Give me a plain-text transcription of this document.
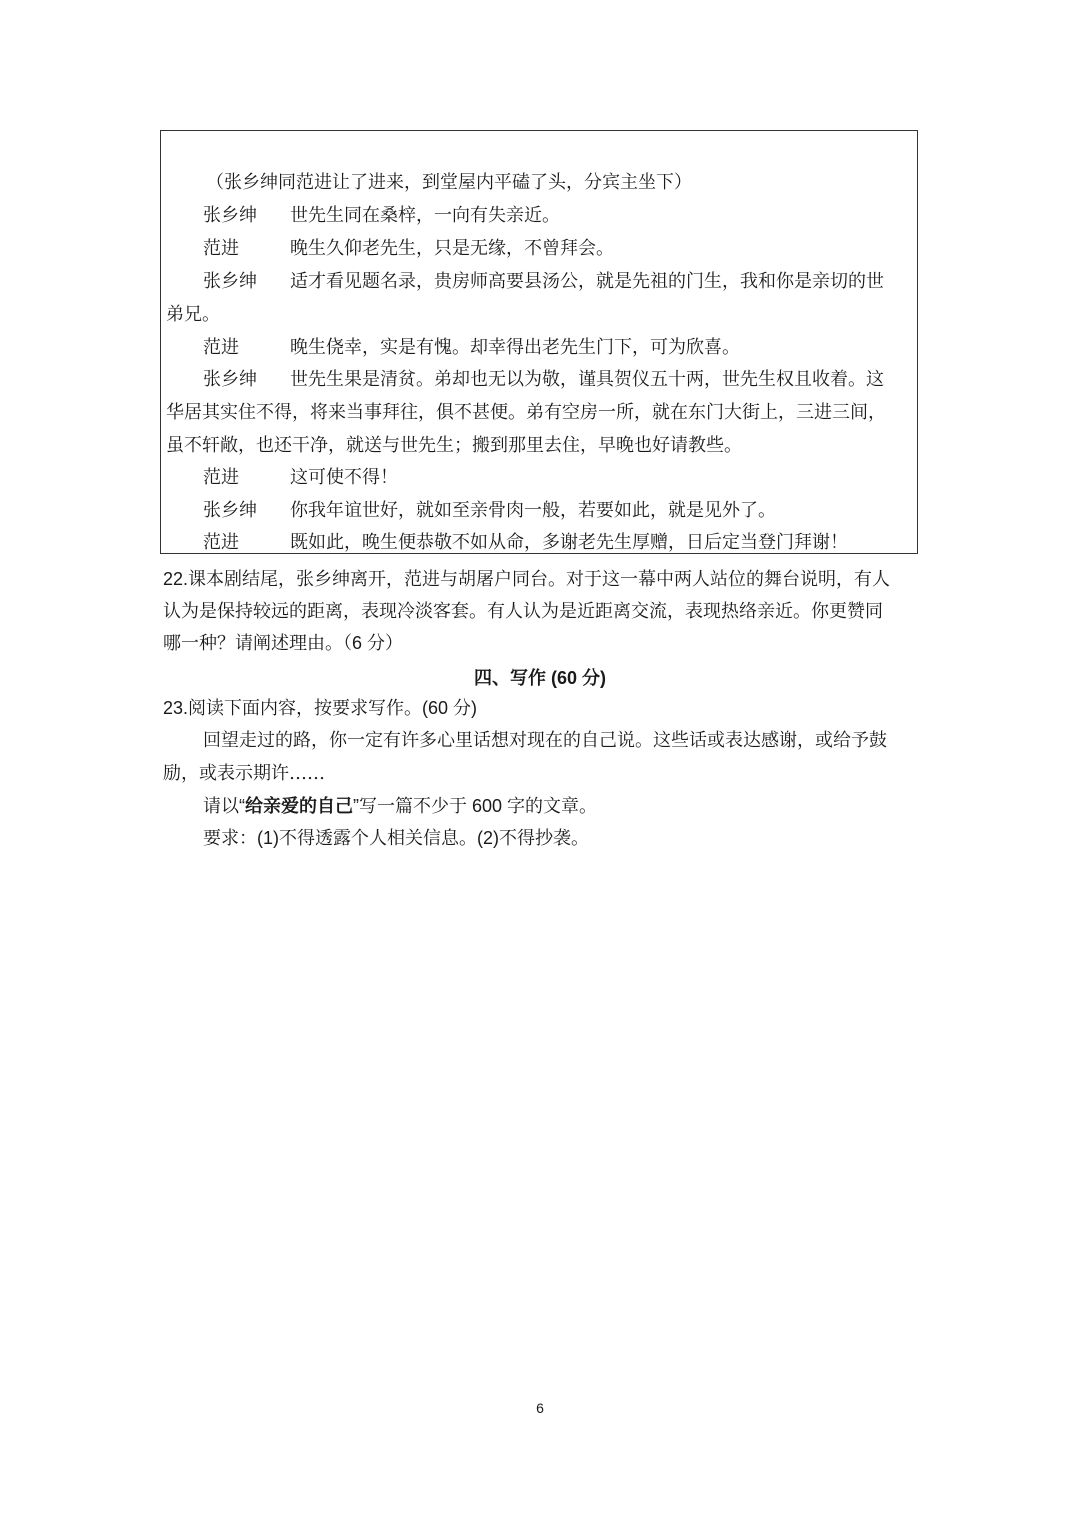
（张乡绅同范进让了进来，到堂屋内平磕了头，分宾主坐下）
张乡绅 世先生同在桑梓，一向有失亲近。
范进	晚生久仰老先生，只是无缘，不曾拜会。
张乡绅 适才看见题名录，贵房师高要县汤公，就是先祖的门生，我和你是亲切的世
弟兄。
范进	晚生侥幸，实是有愧。却幸得出老先生门下，可为欣喜。
张乡绅 世先生果是清贫。弟却也无以为敬，谨具贺仪五十两，世先生权且收着。这
华居其实住不得，将来当事拜往，俱不甚便。弟有空房一所，就在东门大街上，三进三间，
虽不轩敞，也还干净，就送与世先生；搬到那里去住，早晚也好请教些。
范进	这可使不得！
张乡绅 你我年谊世好，就如至亲骨肉一般，若要如此，就是见外了。
范进	既如此，晚生便恭敬不如从命，多谢老先生厚赠，日后定当登门拜谢！
22.课本剧结尾，张乡绅离开，范进与胡屠户同台。对于这一幕中两人站位的舞台说明，有人
认为是保持较远的距离，表现冷淡客套。有人认为是近距离交流，表现热络亲近。你更赞同
哪一种？请阐述理由。（6 分）
四、写作 (60 分)
23.阅读下面内容，按要求写作。(60 分)
回望走过的路，你一定有许多心里话想对现在的自己说。这些话或表达感谢，或给予鼓
励，或表示期许……
请以“给亲爱的自己”写一篇不少于 600 字的文章。
要求：(1)不得透露个人相关信息。(2)不得抄袭。
6
